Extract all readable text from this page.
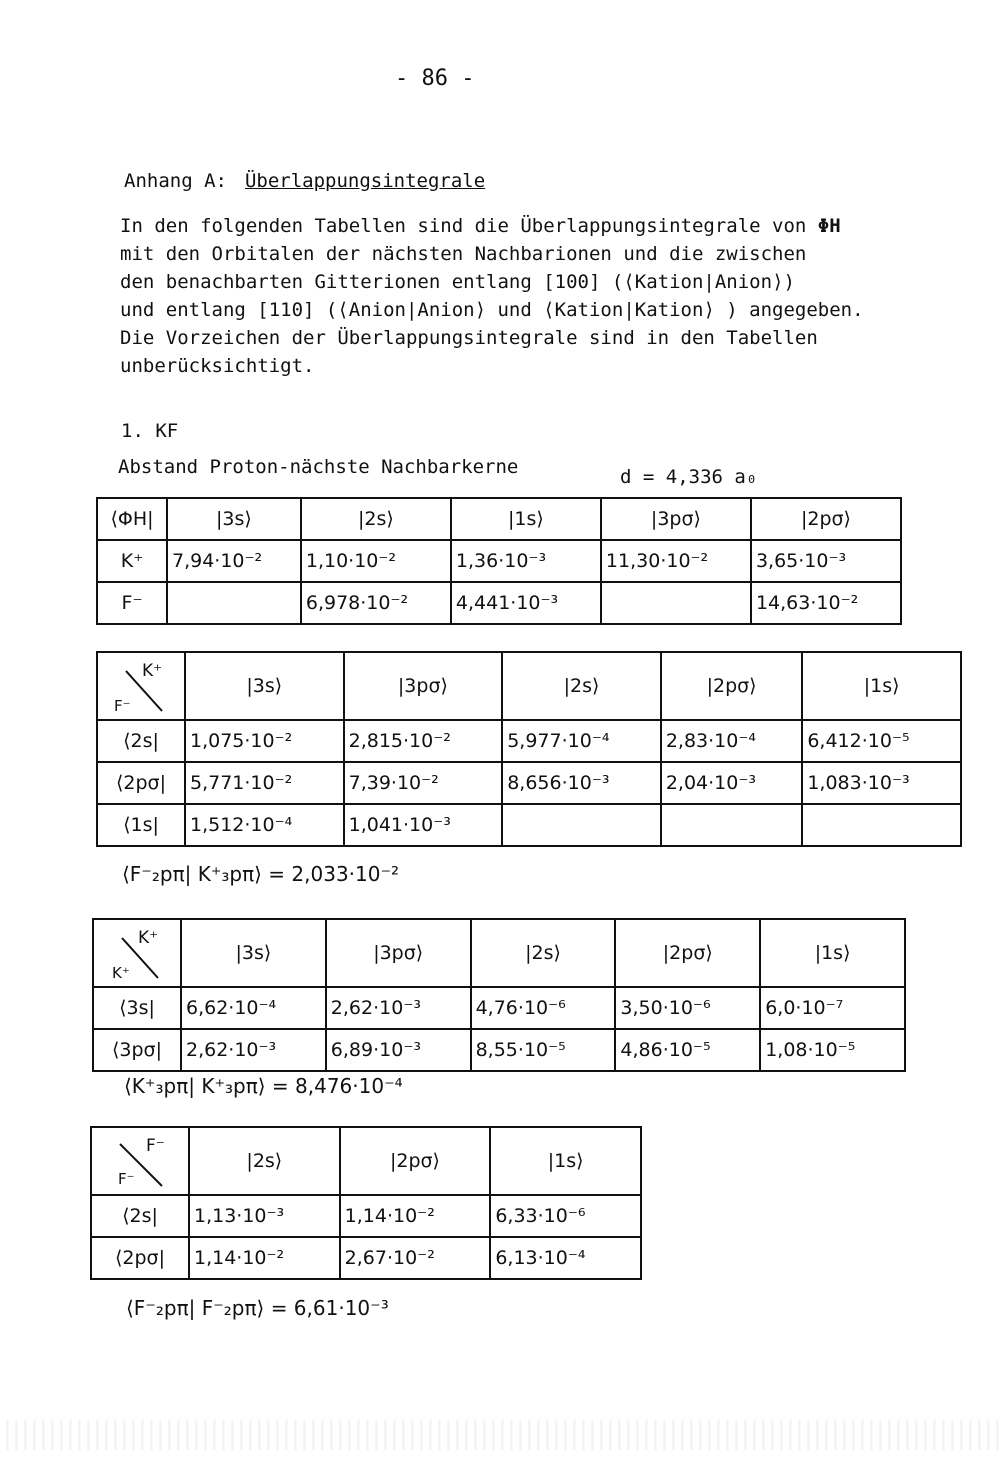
- 86 -
Anhang A: Überlappungsintegrale
In den folgenden Tabellen sind die Überlappungsintegrale von ΦH
mit den Orbitalen der nächsten Nachbarionen und die zwischen
den benachbarten Gitterionen entlang [100] (⟨Kation|Anion⟩)
und entlang [110] (⟨Anion|Anion⟩ und ⟨Kation|Kation⟩ ) angegeben.
Die Vorzeichen der Überlappungsintegrale sind in den Tabellen
unberücksichtigt.
1. KF
Abstand Proton-nächste Nachbarkerne	d = 4,336 a₀
⟨ΦH|	|3s⟩	|2s⟩	|1s⟩	|3pσ⟩	|2pσ⟩
K⁺	7,94·10⁻²	1,10·10⁻²	1,36·10⁻³	11,30·10⁻²	3,65·10⁻³
F⁻		6,978·10⁻²	4,441·10⁻³		14,63·10⁻²
K⁺
F⁻	|3s⟩	|3pσ⟩	|2s⟩	|2pσ⟩	|1s⟩
⟨2s|	1,075·10⁻²	2,815·10⁻²	5,977·10⁻⁴	2,83·10⁻⁴	6,412·10⁻⁵
⟨2pσ|	5,771·10⁻²	7,39·10⁻²	8,656·10⁻³	2,04·10⁻³	1,083·10⁻³
⟨1s|	1,512·10⁻⁴	1,041·10⁻³			
⟨F⁻₂pπ| K⁺₃pπ⟩ = 2,033·10⁻²
K⁺
K⁺	|3s⟩	|3pσ⟩	|2s⟩	|2pσ⟩	|1s⟩
⟨3s|	6,62·10⁻⁴	2,62·10⁻³	4,76·10⁻⁶	3,50·10⁻⁶	6,0·10⁻⁷
⟨3pσ|	2,62·10⁻³	6,89·10⁻³	8,55·10⁻⁵	4,86·10⁻⁵	1,08·10⁻⁵
⟨K⁺₃pπ| K⁺₃pπ⟩ = 8,476·10⁻⁴
F⁻
F⁻	|2s⟩	|2pσ⟩	|1s⟩
⟨2s|	1,13·10⁻³	1,14·10⁻²	6,33·10⁻⁶
⟨2pσ|	1,14·10⁻²	2,67·10⁻²	6,13·10⁻⁴
⟨F⁻₂pπ| F⁻₂pπ⟩ = 6,61·10⁻³
